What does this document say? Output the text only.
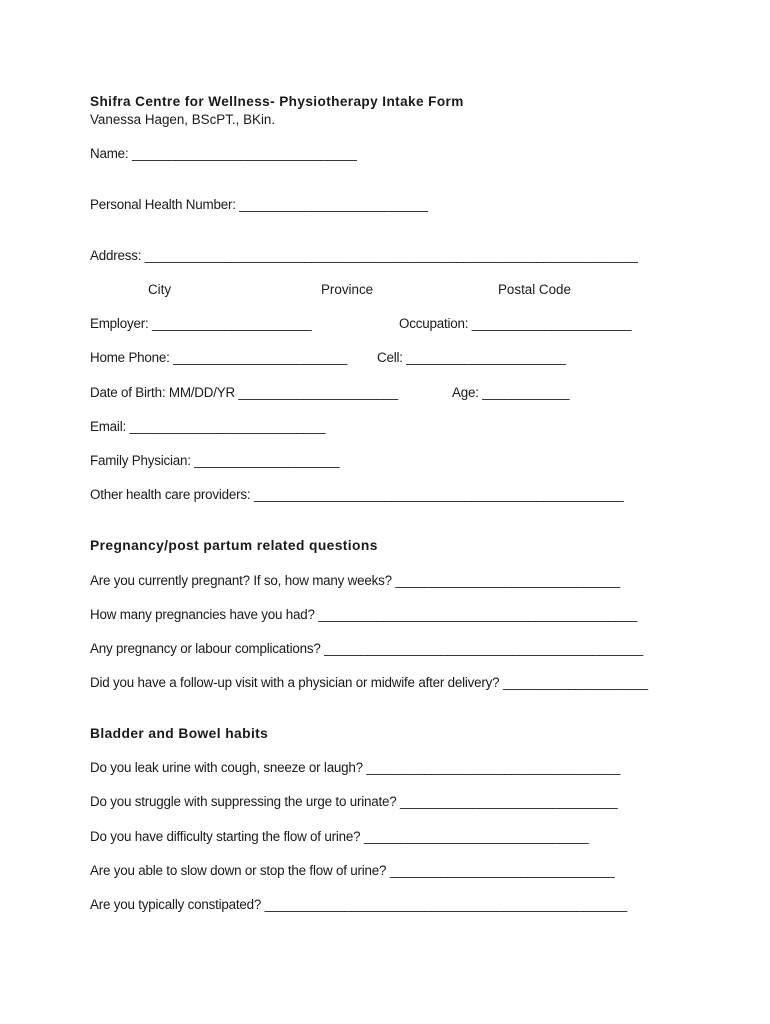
Shifra Centre for Wellness- Physiotherapy Intake Form
Vanessa Hagen, BScPT., BKin.
Name: _______________________________
Personal Health Number: __________________________
Address: ____________________________________________________________________
City	Province	Postal Code
Employer: ______________________	Occupation: ______________________
Home Phone: ________________________ Cell: ______________________
Date of Birth: MM/DD/YR ______________________	Age: ____________
Email: ___________________________
Family Physician: ____________________
Other health care providers: ___________________________________________________
Pregnancy/post partum related questions
Are you currently pregnant? If so, how many weeks? _______________________________
How many pregnancies have you had? ____________________________________________
Any pregnancy or labour complications? ____________________________________________
Did you have a follow-up visit with a physician or midwife after delivery? ____________________
Bladder and Bowel habits
Do you leak urine with cough, sneeze or laugh? ___________________________________
Do you struggle with suppressing the urge to urinate? ______________________________
Do you have difficulty starting the flow of urine? _______________________________
Are you able to slow down or stop the flow of urine? _______________________________
Are you typically constipated? __________________________________________________
